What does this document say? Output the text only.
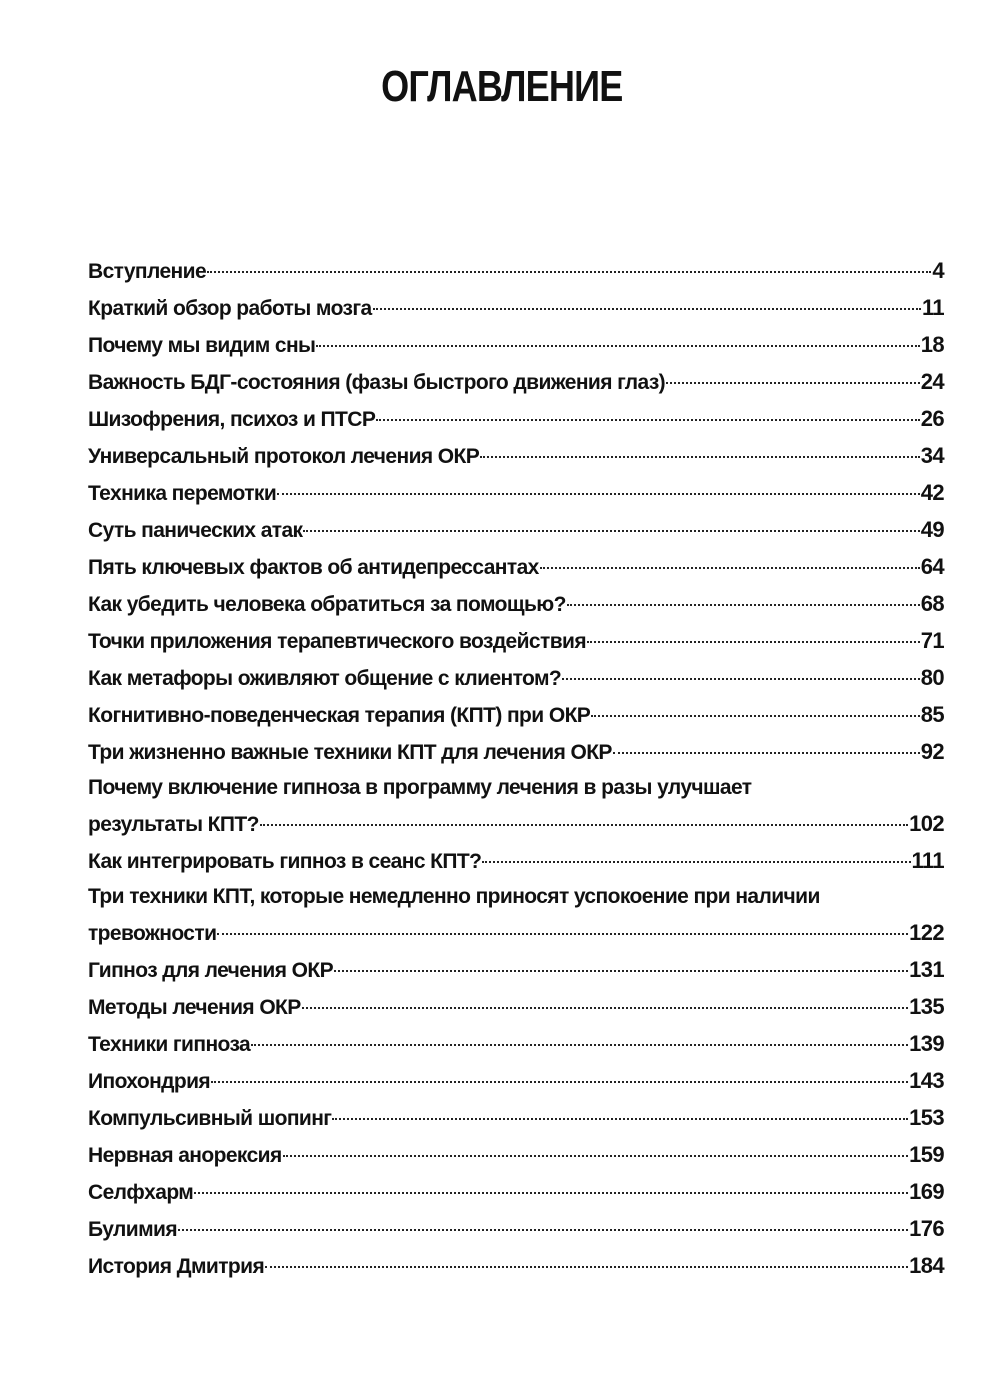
ОГЛАВЛЕНИЕ
Вступление	4
Краткий обзор работы мозга	11
Почему мы видим сны	18
Важность БДГ-состояния (фазы быстрого движения глаз)	24
Шизофрения, психоз и ПТСР	26
Универсальный протокол лечения ОКР	34
Техника перемотки	42
Суть панических атак	49
Пять ключевых фактов об антидепрессантах	64
Как убедить человека обратиться за помощью?	68
Точки приложения терапевтического воздействия	71
Как метафоры оживляют общение с клиентом?	80
Когнитивно-поведенческая терапия (КПТ) при ОКР	85
Три жизненно важные техники КПТ для лечения ОКР	92
Почему включение гипноза в программу лечения в разы улучшает
результаты КПТ?	102
Как интегрировать гипноз в сеанс КПТ?	111
Три техники КПТ, которые немедленно приносят успокоение при наличии
тревожности	122
Гипноз для лечения ОКР	131
Методы лечения ОКР	135
Техники гипноза	139
Ипохондрия	143
Компульсивный шопинг	153
Нервная анорексия	159
Селфхарм	169
Булимия	176
История Дмитрия	184
